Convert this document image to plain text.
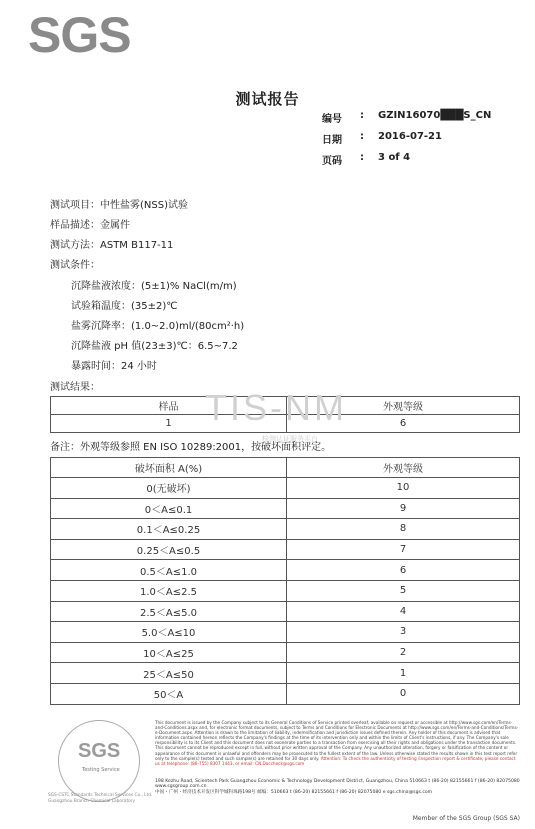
SGS
测试报告
编号	:	GZIN16070███S_CN
日期	:	2016-07-21
页码	:	3 of 4
测试项目：中性盐雾(NSS)试验
样品描述：金属件
测试方法：ASTM B117-11
测试条件：
沉降盐液浓度：(5±1)% NaCl(m/m)
试验箱温度：(35±2)℃
盐雾沉降率：(1.0~2.0)ml/(80cm²·h)
沉降盐液 pH 值(23±3)℃：6.5~7.2
暴露时间：24 小时
测试结果：
样品	外观等级
1	6
TIS-NM
检测认证服务平台
备注：外观等级参照 EN ISO 10289:2001，按破坏面积评定。
破坏面积 A(%)	外观等级
0(无破坏)	10
0＜A≤0.1	9
0.1＜A≤0.25	8
0.25＜A≤0.5	7
0.5＜A≤1.0	6
1.0＜A≤2.5	5
2.5＜A≤5.0	4
5.0＜A≤10	3
10＜A≤25	2
25＜A≤50	1
50＜A	0
SGS
Testing Service
SGS-CSTC Standards Technical Services Co., Ltd. Guangzhou Branch Chemical Laboratory
This document is issued by the Company subject to its General Conditions of Service printed overleaf, available on request or accessible at http://www.sgs.com/en/Terms-and-Conditions.aspx and, for electronic format documents, subject to Terms and Conditions for Electronic Documents at http://www.sgs.com/en/Terms-and-Conditions/Terms-e-Document.aspx. Attention is drawn to the limitation of liability, indemnification and jurisdiction issues defined therein. Any holder of this document is advised that information contained hereon reflects the Company's findings at the time of its intervention only and within the limits of Client's instructions, if any. The Company's sole responsibility is to its Client and this document does not exonerate parties to a transaction from exercising all their rights and obligations under the transaction documents. This document cannot be reproduced except in full, without prior written approval of the Company. Any unauthorized alteration, forgery or falsification of the content or appearance of this document is unlawful and offenders may be prosecuted to the fullest extent of the law. Unless otherwise stated the results shown in this test report refer only to the sample(s) tested and such sample(s) are retained for 30 days only. Attention: To check the authenticity of testing /inspection report & certificate, please contact us at telephone: (86-755) 8307 1443, or email: CN.Doccheck@sgs.com
198 Kezhu Road, Scientech Park Guangzhou Economic & Technology Development District, Guangzhou, China 510663 t (86-20) 82155661 f (86-20) 82075080 www.sgsgroup.com.cn
中国・广州・经济技术开发区科学城科珠路198号 邮编：510663 t (86-20) 82155661 f (86-20) 82075080 e sgs.china@sgs.com
Member of the SGS Group (SGS SA)
